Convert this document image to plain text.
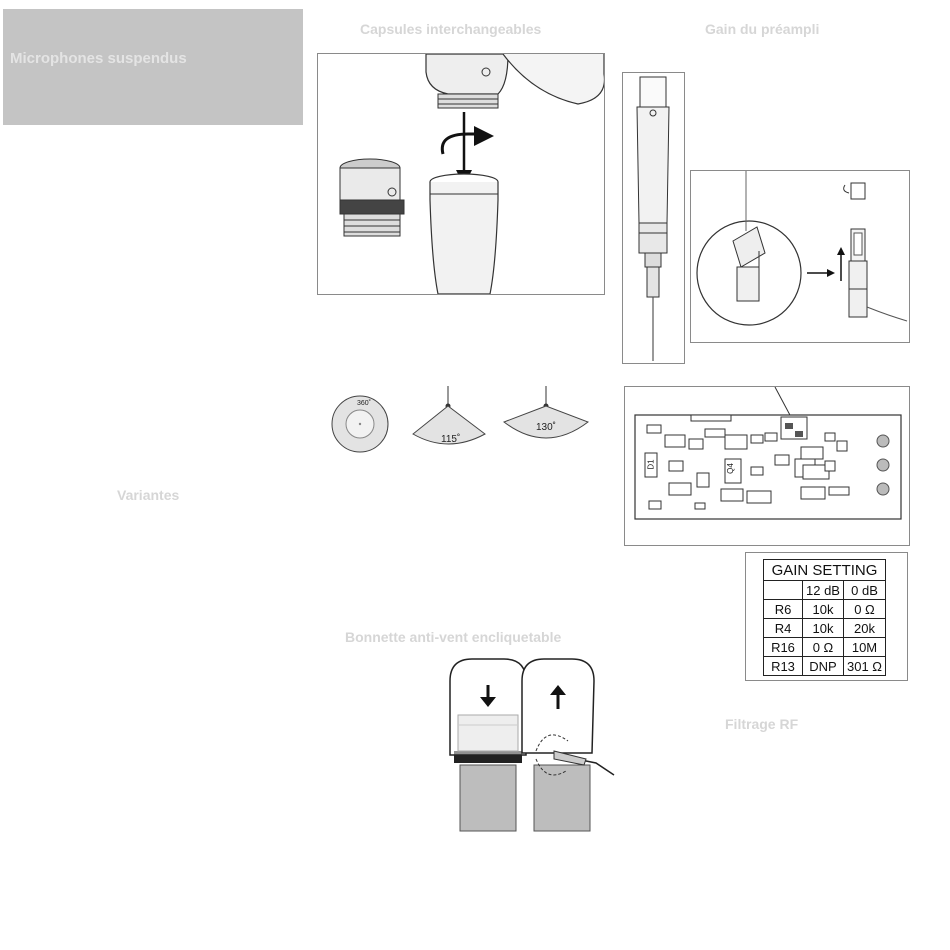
Microphones suspendus
Capsules interchangeables	Gain du préampli
Variantes
Bonnette anti-vent encliquetable
Filtrage RF
360˚
115˚
130˚
D1	Q4
GAIN SETTING		
	12 dB	0 dB
R6	10k	0 Ω
R4	10k	20k
R16	0 Ω	10M
R13	DNP	301 Ω
